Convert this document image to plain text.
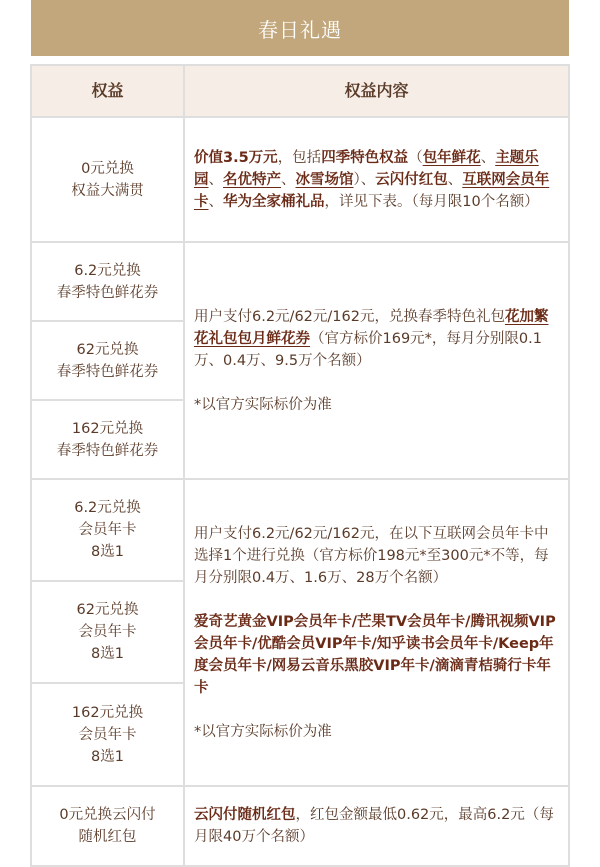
春日礼遇
权益	权益内容

0元兑换
权益大满贯	价值3.5万元，包括四季特色权益（包年鲜花、主题乐园、名优特产、冰雪场馆）、云闪付红包、互联网会员年卡、华为全家桶礼品，详见下表。（每月限10个名额）

6.2元兑换
春季特色鲜花券	用户支付6.2元/62元/162元，兑换春季特色礼包花加繁花礼包包月鲜花券（官方标价169元*，每月分别限0.1万、0.4万、9.5万个名额）
*以官方实际标价为准

62元兑换
春季特色鲜花券	

162元兑换
春季特色鲜花券	

6.2元兑换
会员年卡
8选1	用户支付6.2元/62元/162元，在以下互联网会员年卡中选择1个进行兑换（官方标价198元*至300元*不等，每月分别限0.4万、1.6万、28万个名额）
爱奇艺黄金VIP会员年卡/芒果TV会员年卡/腾讯视频VIP会员年卡/优酷会员VIP年卡/知乎读书会员年卡/Keep年度会员年卡/网易云音乐黑胶VIP年卡/滴滴青桔骑行卡年卡
*以官方实际标价为准

62元兑换
会员年卡
8选1	

162元兑换
会员年卡
8选1	

0元兑换云闪付
随机红包	云闪付随机红包，红包金额最低0.62元，最高6.2元（每月限40万个名额）
